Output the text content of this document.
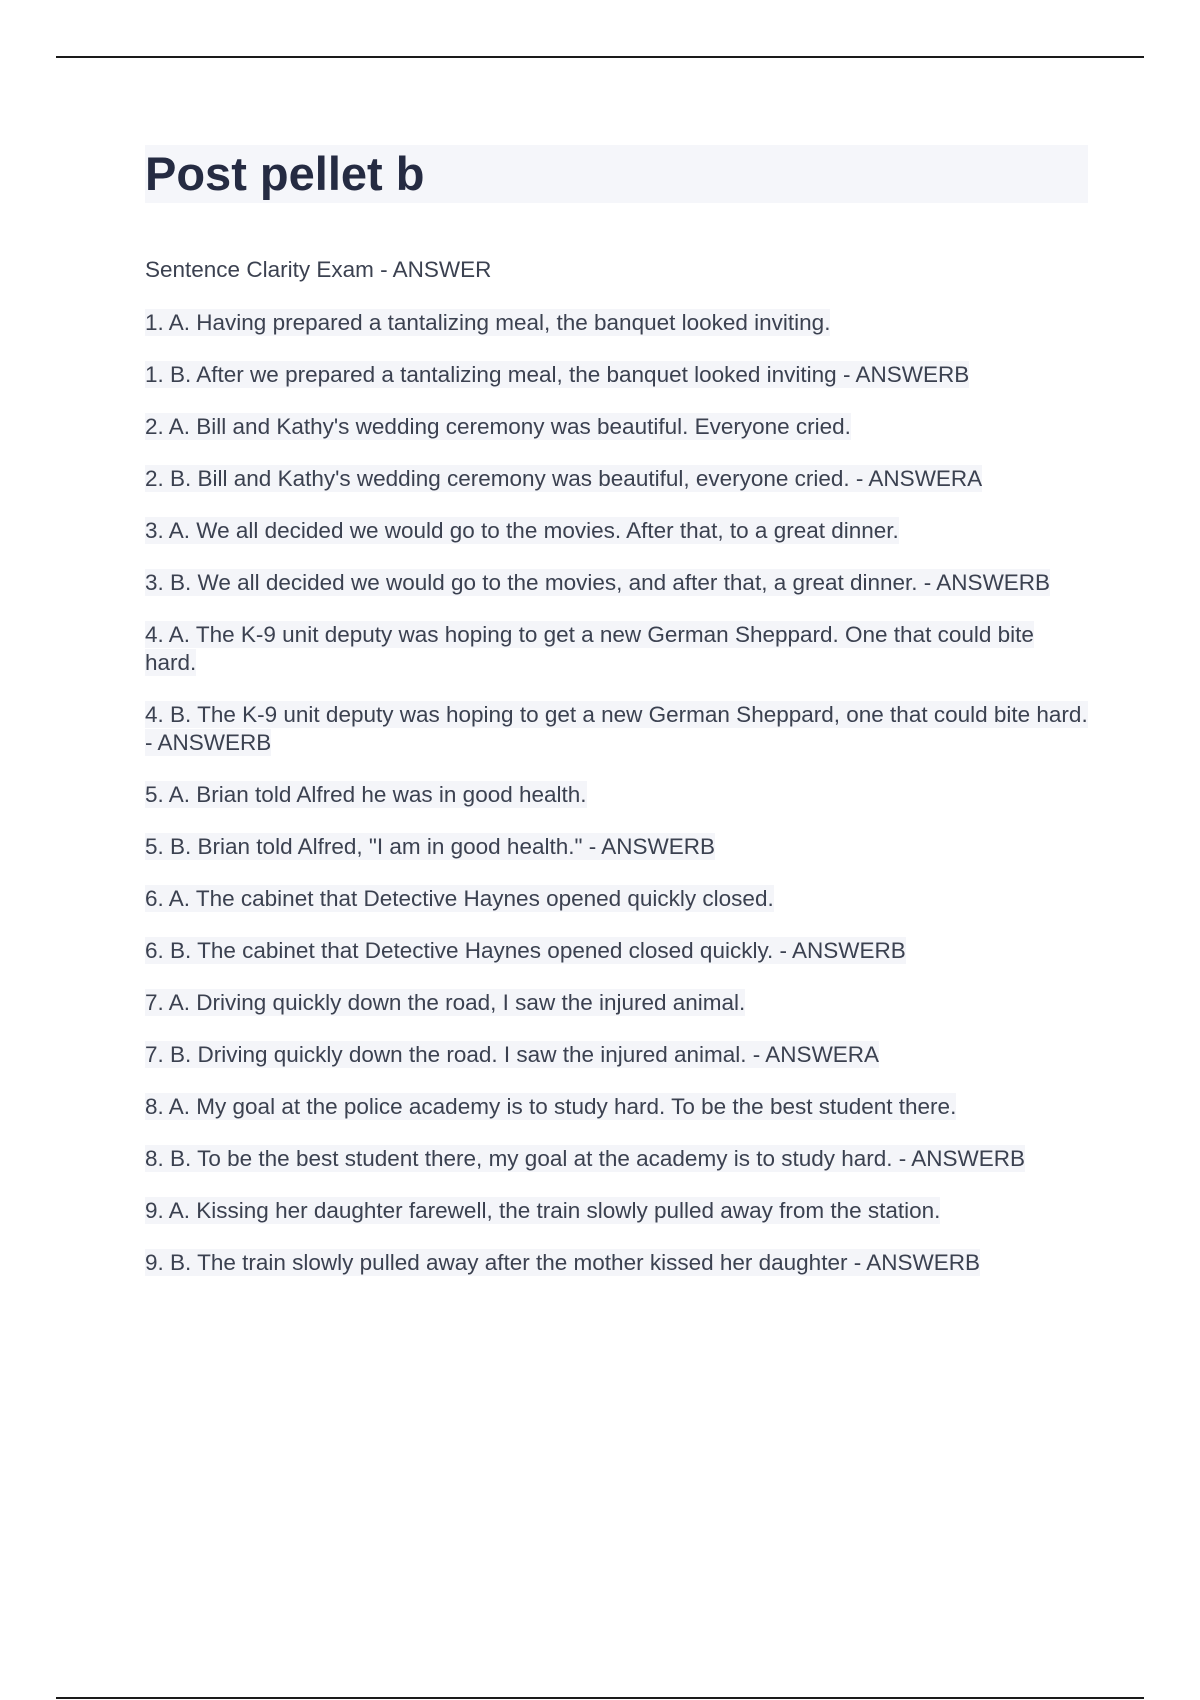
Post pellet b

Sentence Clarity Exam - ANSWER

1. A. Having prepared a tantalizing meal, the banquet looked inviting.

1. B. After we prepared a tantalizing meal, the banquet looked inviting - ANSWERB

2. A. Bill and Kathy's wedding ceremony was beautiful. Everyone cried.

2. B. Bill and Kathy's wedding ceremony was beautiful, everyone cried. - ANSWERA

3. A. We all decided we would go to the movies. After that, to a great dinner.

3. B. We all decided we would go to the movies, and after that, a great dinner. - ANSWERB

4. A. The K-9 unit deputy was hoping to get a new German Sheppard. One that could bite hard.

4. B. The K-9 unit deputy was hoping to get a new German Sheppard, one that could bite hard. - ANSWERB

5. A. Brian told Alfred he was in good health.

5. B. Brian told Alfred, "I am in good health." - ANSWERB

6. A. The cabinet that Detective Haynes opened quickly closed.

6. B. The cabinet that Detective Haynes opened closed quickly. - ANSWERB

7. A. Driving quickly down the road, I saw the injured animal.

7. B. Driving quickly down the road. I saw the injured animal. - ANSWERA

8. A. My goal at the police academy is to study hard. To be the best student there.

8. B. To be the best student there, my goal at the academy is to study hard. - ANSWERB

9. A. Kissing her daughter farewell, the train slowly pulled away from the station.

9. B. The train slowly pulled away after the mother kissed her daughter - ANSWERB
